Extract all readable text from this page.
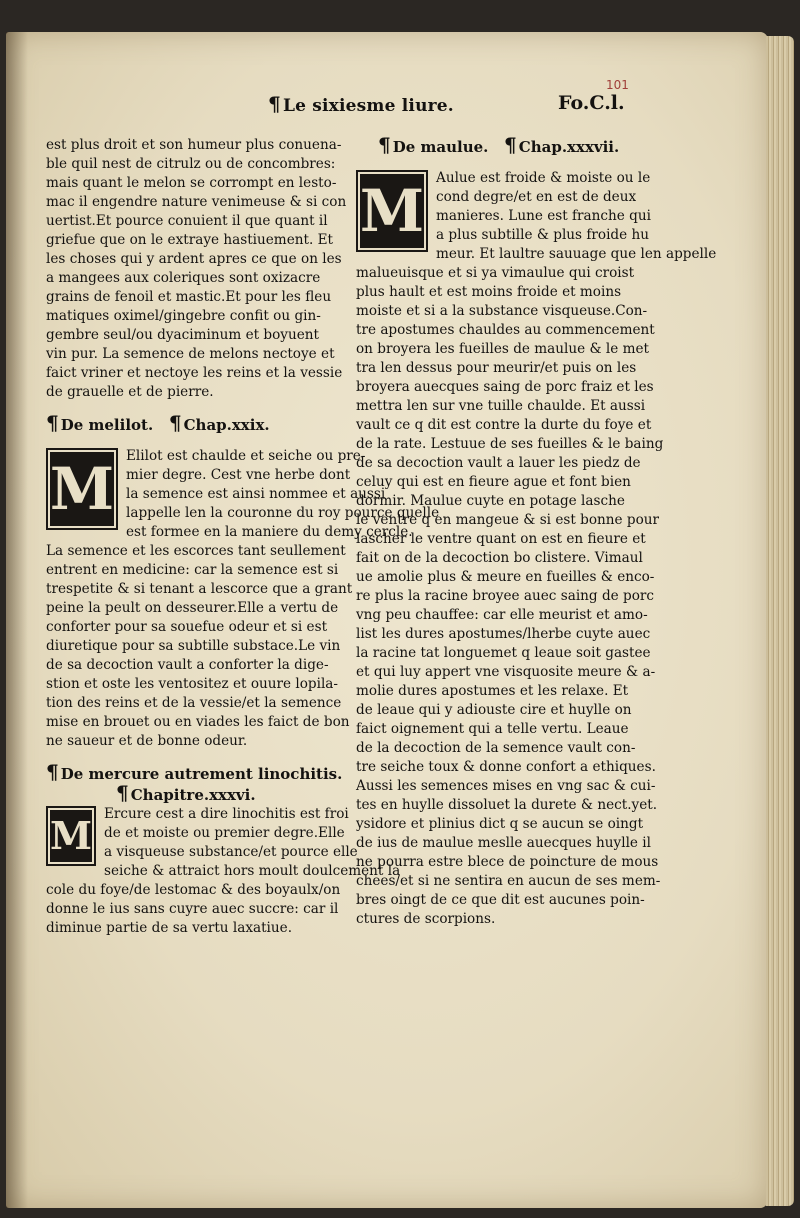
¶ Le sixiesme liure.
101
Fo.C.l.
est plus droit et son humeur plus conuena-
ble quil nest de citrulz ou de concombres:
mais quant le melon se corrompt en lesto-
mac il engendre nature venimeuse & si con
uertist.Et pource conuient il que quant il
griefue que on le extraye hastiuement. Et
les choses qui y ardent apres ce que on les
a mangees aux coleriques sont oxizacre
grains de fenoil et mastic.Et pour les fleu
matiques oximel/gingebre confit ou gin-
gembre seul/ou dyaciminum et boyuent
vin pur. La semence de melons nectoye et
faict vriner et nectoye les reins et la vessie
de grauelle et de pierre.
¶ De melilot. ¶ Chap.xxix.
M Elilot est chaulde et seiche ou pre-
mier degre. Cest vne herbe dont
la semence est ainsi nommee et aussi
lappelle len la couronne du roy pource quelle
est formee en la maniere du demy cercle.
La semence et les escorces tant seullement
entrent en medicine: car la semence est si
trespetite & si tenant a lescorce que a grant
peine la peult on desseurer.Elle a vertu de
conforter pour sa souefue odeur et si est
diuretique pour sa subtille substace.Le vin
de sa decoction vault a conforter la dige-
stion et oste les ventositez et ouure lopila-
tion des reins et de la vessie/et la semence
mise en brouet ou en viades les faict de bon
ne saueur et de bonne odeur.
¶ De mercure autrement linochitis.
¶ Chapitre.xxxvi.
M Ercure cest a dire linochitis est froi
de et moiste ou premier degre.Elle
a visqueuse substance/et pource elle
seiche & attraict hors moult doulcement la
cole du foye/de lestomac & des boyaulx/on
donne le ius sans cuyre auec succre: car il
diminue partie de sa vertu laxatiue.
¶ De maulue. ¶ Chap.xxxvii.
M Aulue est froide & moiste ou le
cond degre/et en est de deux
manieres. Lune est franche qui
a plus subtille & plus froide hu
meur. Et laultre sauuage que len appelle
malueuisque et si ya vimaulue qui croist
plus hault et est moins froide et moins
moiste et si a la substance visqueuse.Con-
tre apostumes chauldes au commencement
on broyera les fueilles de maulue & le met
tra len dessus pour meurir/et puis on les
broyera auecques saing de porc fraiz et les
mettra len sur vne tuille chaulde. Et aussi
vault ce q dit est contre la durte du foye et
de la rate. Lestuue de ses fueilles & le baing
de sa decoction vault a lauer les piedz de
celuy qui est en fieure ague et font bien
dormir. Maulue cuyte en potage lasche
le ventre q en mangeue & si est bonne pour
lascher le ventre quant on est en fieure et
fait on de la decoction bo clistere. Vimaul
ue amolie plus & meure en fueilles & enco-
re plus la racine broyee auec saing de porc
vng peu chauffee: car elle meurist et amo-
list les dures apostumes/lherbe cuyte auec
la racine tat longuemet q leaue soit gastee
et qui luy appert vne visquosite meure & a-
molie dures apostumes et les relaxe. Et
de leaue qui y adiouste cire et huylle on
faict oignement qui a telle vertu. Leaue
de la decoction de la semence vault con-
tre seiche toux & donne confort a ethiques.
Aussi les semences mises en vng sac & cui-
tes en huylle dissoluet la durete & nect.yet.
ysidore et plinius dict q se aucun se oingt
de ius de maulue meslle auecques huylle il
ne pourra estre blece de poincture de mous
chees/et si ne sentira en aucun de ses mem-
bres oingt de ce que dit est aucunes poin-
ctures de scorpions.
